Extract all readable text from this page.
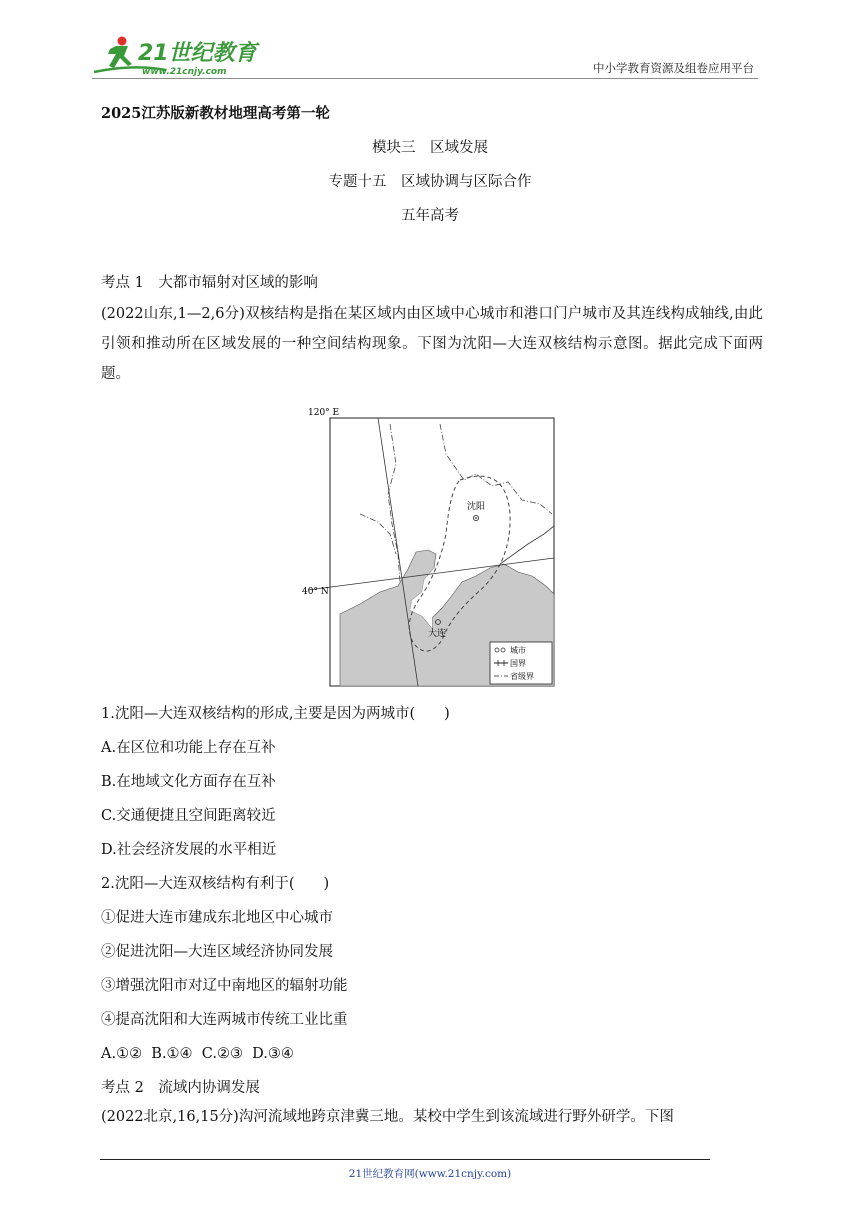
21世纪教育
www.21cnjy.com	中小学教育资源及组卷应用平台
2025江苏版新教材地理高考第一轮
模块三　区域发展
专题十五　区域协调与区际合作
五年高考
考点 1　大都市辐射对区域的影响
(2022山东,1—2,6分)双核结构是指在某区域内由区域中心城市和港口门户城市及其连线构成轴线,由此引领和推动所在区域发展的一种空间结构现象。下图为沈阳—大连双核结构示意图。据此完成下面两题。
120° E
40° N
沈阳
大连
城市
国界
省级界
1.沈阳—大连双核结构的形成,主要是因为两城市(　　)
A.在区位和功能上存在互补
B.在地域文化方面存在互补
C.交通便捷且空间距离较近
D.社会经济发展的水平相近
2.沈阳—大连双核结构有利于(　　)
①促进大连市建成东北地区中心城市
②促进沈阳—大连区域经济协同发展
③增强沈阳市对辽中南地区的辐射功能
④提高沈阳和大连两城市传统工业比重
A.①②  B.①④  C.②③  D.③④
考点 2　流域内协调发展
(2022北京,16,15分)沟河流域地跨京津冀三地。某校中学生到该流域进行野外研学。下图
21世纪教育网(www.21cnjy.com)
